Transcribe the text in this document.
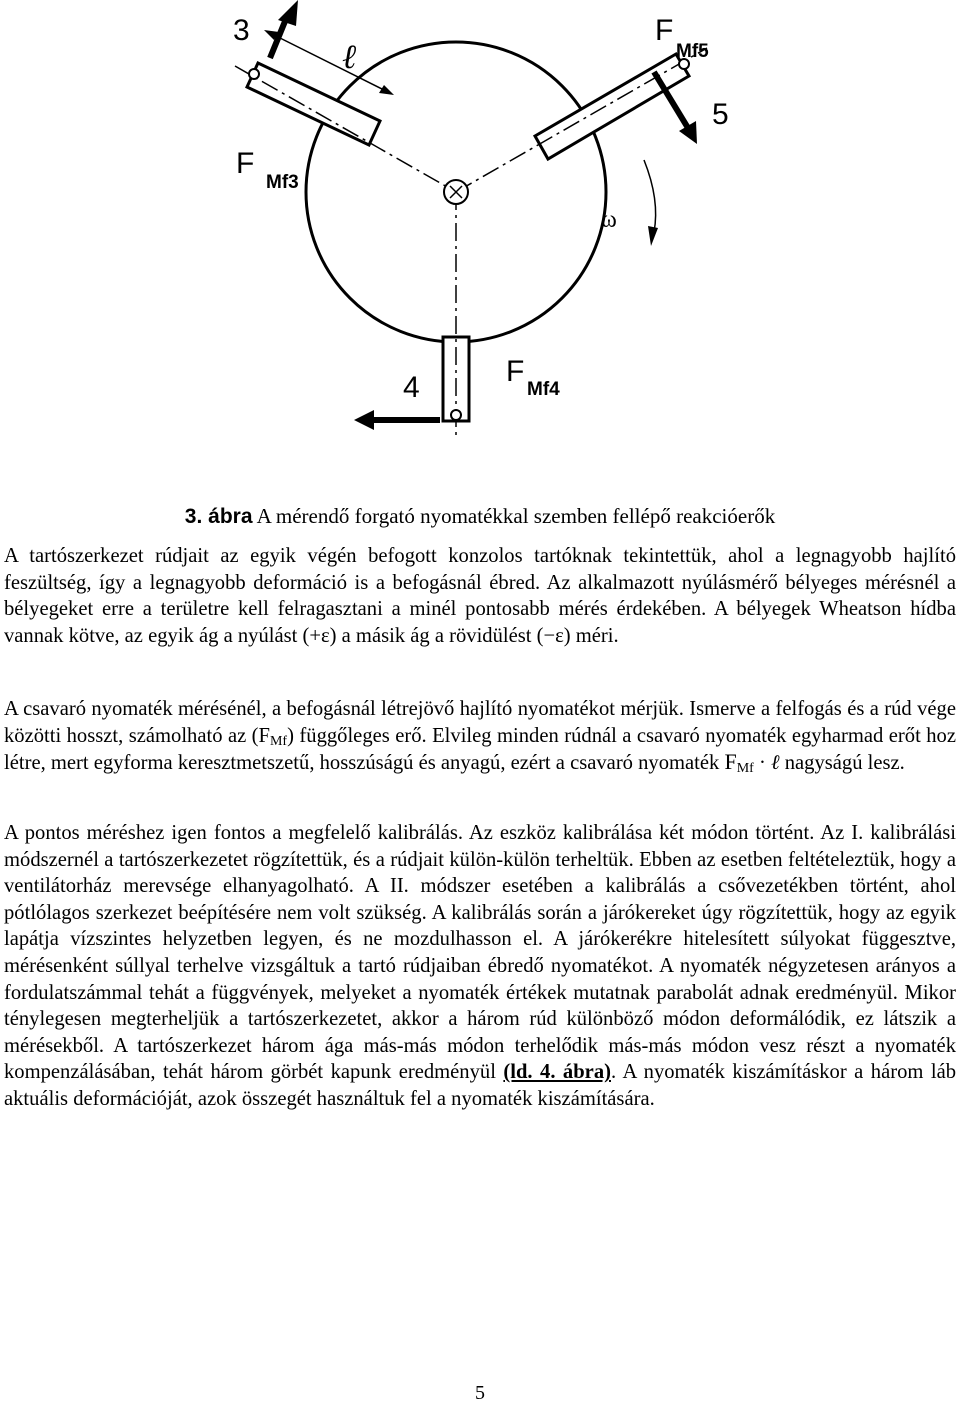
3
ℓ
F Mf3
F Mf5
5
ω
4	F Mf4
3. ábra A mérendő forgató nyomatékkal szemben fellépő reakcióerők

A tartószerkezet rúdjait az egyik végén befogott konzolos tartóknak tekintettük, ahol a legnagyobb hajlító feszültség, így a legnagyobb deformáció is a befogásnál ébred. Az alkalmazott nyúlásmérő bélyeges mérésnél a bélyegeket erre a területre kell felragasztani a minél pontosabb mérés érdekében. A bélyegek Wheatson hídba vannak kötve, az egyik ág a nyúlást (+ε) a másik ág a rövidülést (−ε) méri.

A csavaró nyomaték mérésénél, a befogásnál létrejövő hajlító nyomatékot mérjük. Ismerve a felfogás és a rúd vége közötti hosszt, számolható az $(F_{Mf})$ függőleges erő. Elvileg minden rúdnál a csavaró nyomaték egyharmad erőt hoz létre, mert egyforma keresztmetszetű, hosszúságú és anyagú, ezért a csavaró nyomaték $F_{Mf}$ · ℓ nagyságú lesz.

A pontos méréshez igen fontos a megfelelő kalibrálás. Az eszköz kalibrálása két módon történt. Az I. kalibrálási módszernél a tartószerkezetet rögzítettük, és a rúdjait külön-külön terheltük. Ebben az esetben feltételeztük, hogy a ventilátorház merevsége elhanyagolható. A II. módszer esetében a kalibrálás a csővezetékben történt, ahol pótlólagos szerkezet beépítésére nem volt szükség. A kalibrálás során a járókereket úgy rögzítettük, hogy az egyik lapátja vízszintes helyzetben legyen, és ne mozdulhasson el. A járókerékre hitelesített súlyokat függesztve, mérésenként súllyal terhelve vizsgáltuk a tartó rúdjaiban ébredő nyomatékot. A nyomaték négyzetesen arányos a fordulatszámmal tehát a függvények, melyeket a nyomaték értékek mutatnak parabolát adnak eredményül. Mikor ténylegesen megterheljük a tartószerkezetet, akkor a három rúd különböző módon deformálódik, ez látszik a mérésekből. A tartószerkezet három ága más-más módon terhelődik más-más módon vesz részt a nyomaték kompenzálásában, tehát három görbét kapunk eredményül (ld. 4. ábra). A nyomaték kiszámításkor a három láb aktuális deformációját, azok összegét használtuk fel a nyomaték kiszámítására.

5
